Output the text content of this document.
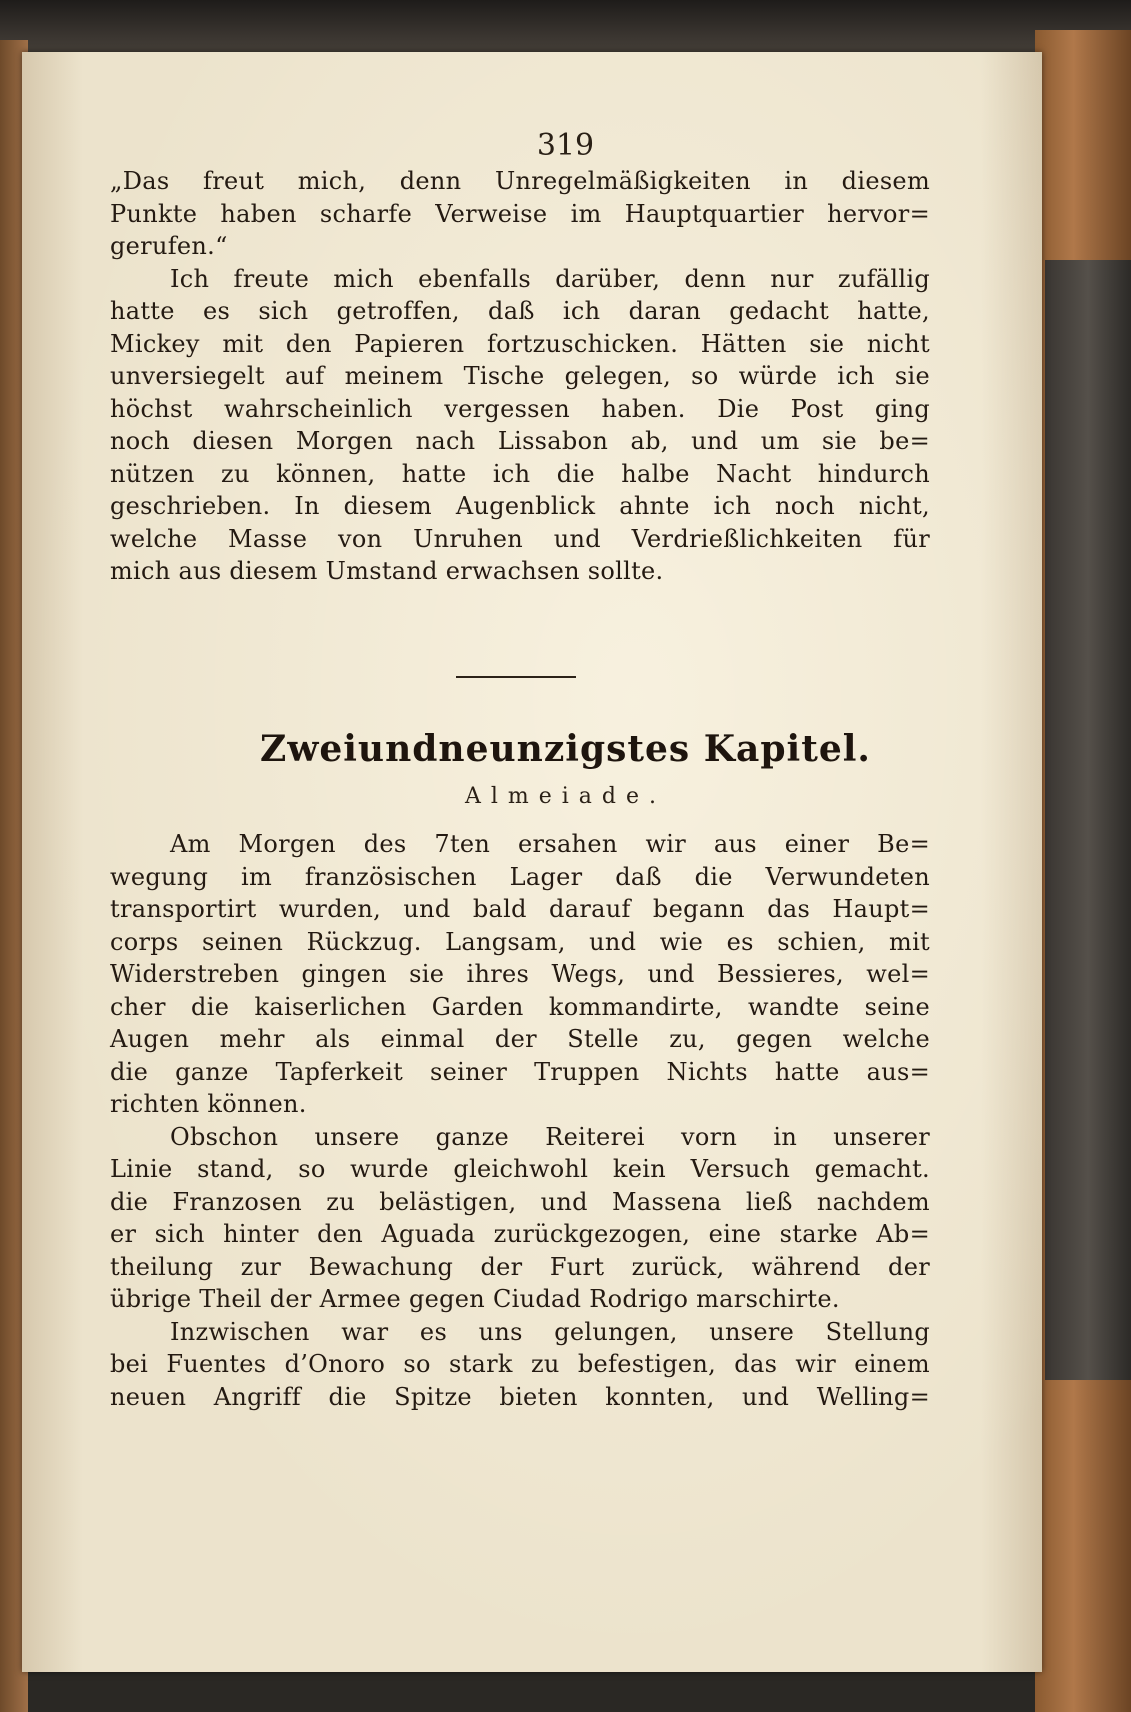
319
„Das freut mich, denn Unregelmäßigkeiten in diesem
Punkte haben scharfe Verweise im Hauptquartier hervor=
gerufen.“
Ich freute mich ebenfalls darüber, denn nur zufällig
hatte es sich getroffen, daß ich daran gedacht hatte,
Mickey mit den Papieren fortzuschicken. Hätten sie nicht
unversiegelt auf meinem Tische gelegen, so würde ich sie
höchst wahrscheinlich vergessen haben. Die Post ging
noch diesen Morgen nach Lissabon ab, und um sie be=
nützen zu können, hatte ich die halbe Nacht hindurch
geschrieben. In diesem Augenblick ahnte ich noch nicht,
welche Masse von Unruhen und Verdrießlichkeiten für
mich aus diesem Umstand erwachsen sollte.
Zweiundneunzigstes Kapitel.
Almeiade.
Am Morgen des 7ten ersahen wir aus einer Be=
wegung im französischen Lager daß die Verwundeten
transportirt wurden, und bald darauf begann das Haupt=
corps seinen Rückzug. Langsam, und wie es schien, mit
Widerstreben gingen sie ihres Wegs, und Bessieres, wel=
cher die kaiserlichen Garden kommandirte, wandte seine
Augen mehr als einmal der Stelle zu, gegen welche
die ganze Tapferkeit seiner Truppen Nichts hatte aus=
richten können.
Obschon unsere ganze Reiterei vorn in unserer
Linie stand, so wurde gleichwohl kein Versuch gemacht.
die Franzosen zu belästigen, und Massena ließ nachdem
er sich hinter den Aguada zurückgezogen, eine starke Ab=
theilung zur Bewachung der Furt zurück, während der
übrige Theil der Armee gegen Ciudad Rodrigo marschirte.
Inzwischen war es uns gelungen, unsere Stellung
bei Fuentes d’Onoro so stark zu befestigen, das wir einem
neuen Angriff die Spitze bieten konnten, und Welling=
